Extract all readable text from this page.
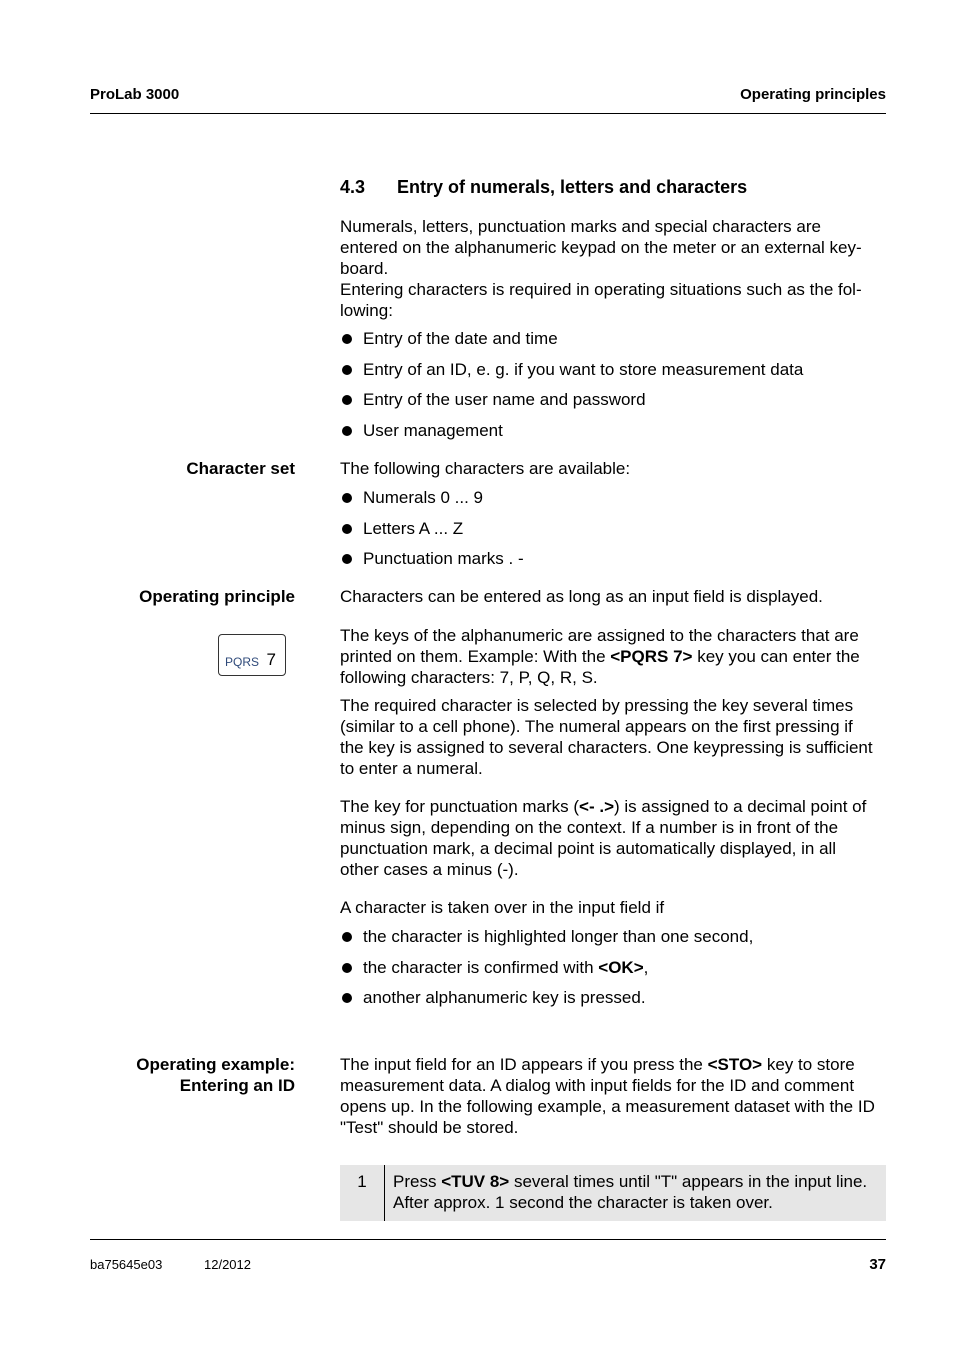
ProLab 3000	Operating principles
4.3 Entry of numerals, letters and characters
Numerals, letters, punctuation marks and special characters are
entered on the alphanumeric keypad on the meter or an external key-
board.
Entering characters is required in operating situations such as the fol-
lowing:
Entry of the date and time
Entry of an ID, e. g. if you want to store measurement data
Entry of the user name and password
User management
Character set	The following characters are available:
Numerals 0 ... 9
Letters A ... Z
Punctuation marks . -
Operating principle	Characters can be entered as long as an input field is displayed.
PQRS 7
The keys of the alphanumeric are assigned to the characters that are
printed on them. Example: With the <PQRS 7> key you can enter the
following characters: 7, P, Q, R, S.
The required character is selected by pressing the key several times
(similar to a cell phone). The numeral appears on the first pressing if
the key is assigned to several characters. One keypressing is sufficient
to enter a numeral.
The key for punctuation marks (<- .>) is assigned to a decimal point of
minus sign, depending on the context. If a number is in front of the
punctuation mark, a decimal point is automatically displayed, in all
other cases a minus (-).
A character is taken over in the input field if
the character is highlighted longer than one second,
the character is confirmed with <OK>,
another alphanumeric key is pressed.
Operating example:
Entering an ID
The input field for an ID appears if you press the <STO> key to store
measurement data. A dialog with input fields for the ID and comment
opens up. In the following example, a measurement dataset with the ID
"Test" should be stored.
1	Press <TUV 8> several times until "T" appears in the input line.
After approx. 1 second the character is taken over.
ba75645e03	12/2012	37
